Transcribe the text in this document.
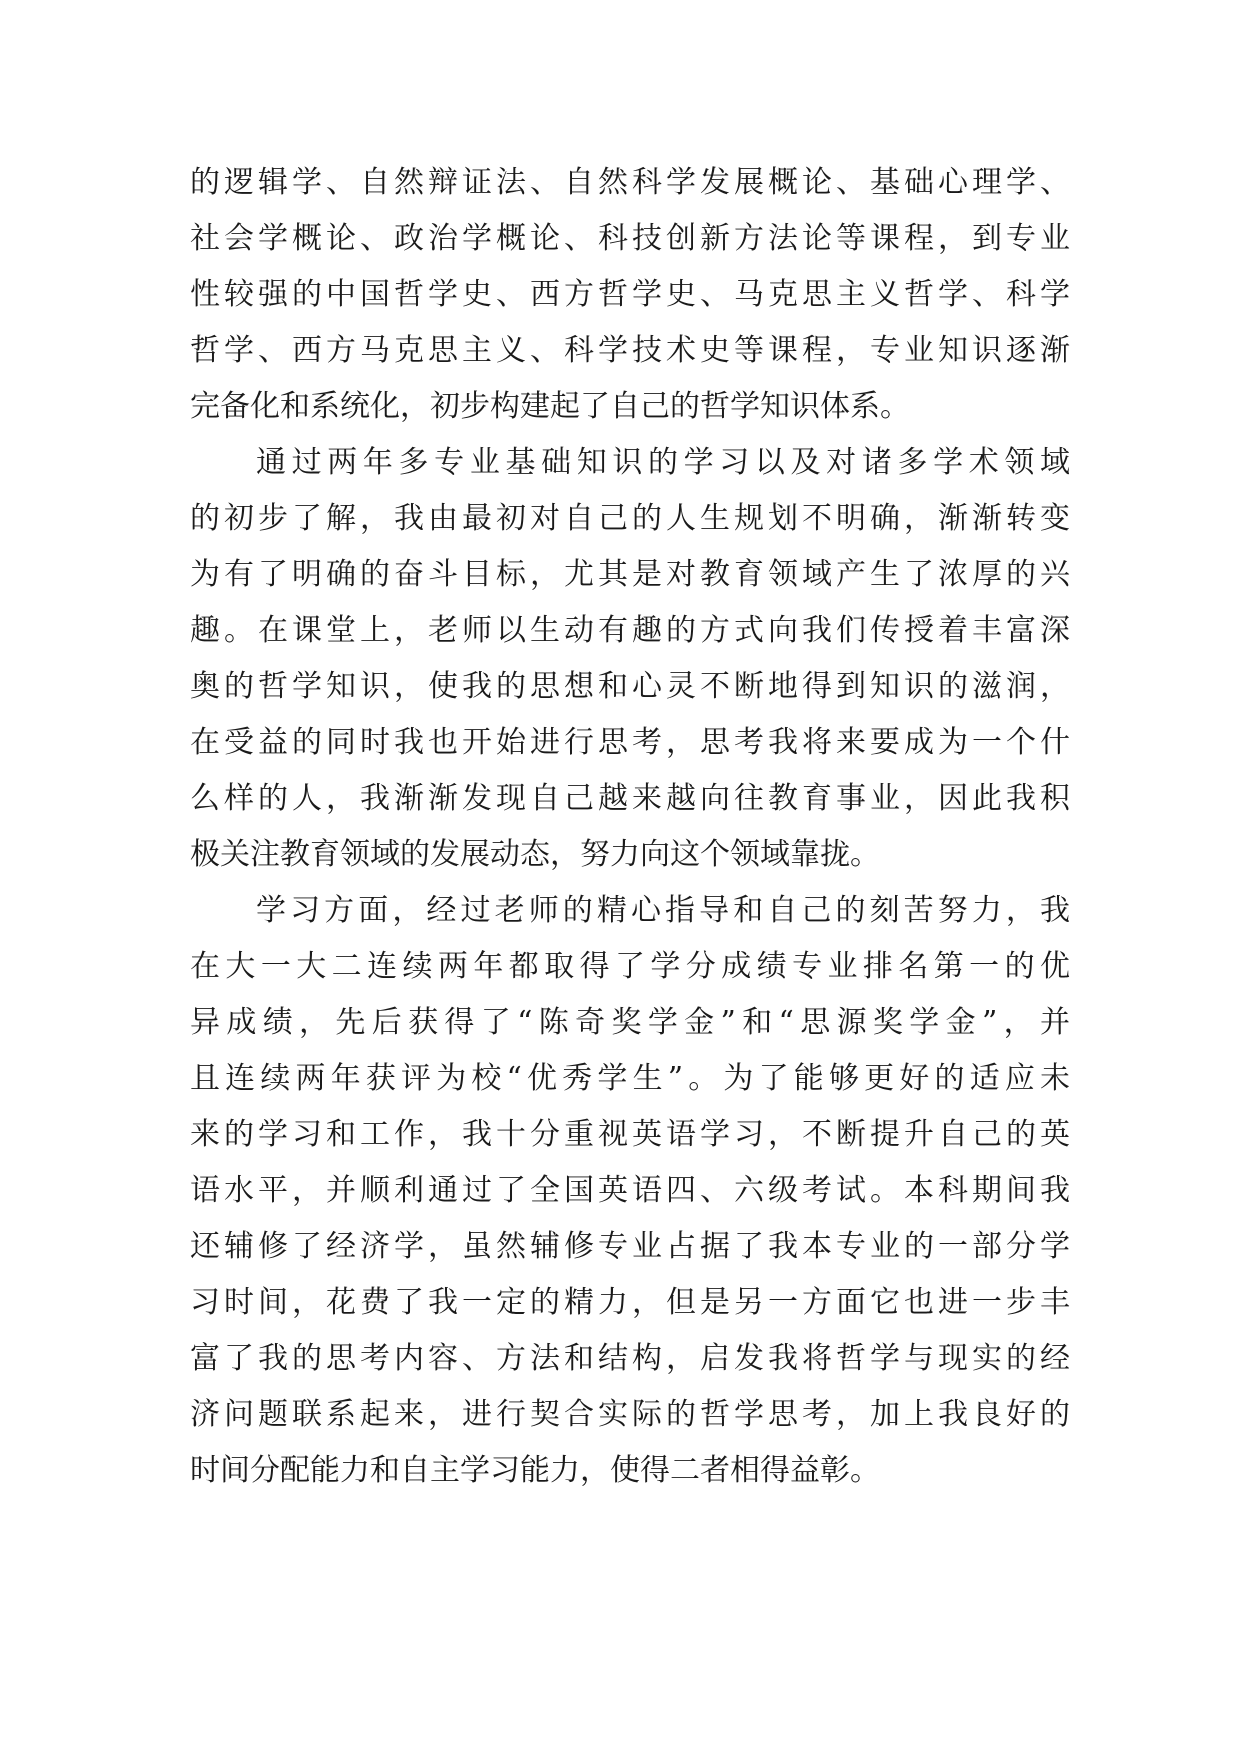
的逻辑学、自然辩证法、自然科学发展概论、基础心理学、
社会学概论、政治学概论、科技创新方法论等课程，到专业
性较强的中国哲学史、西方哲学史、马克思主义哲学、科学
哲学、西方马克思主义、科学技术史等课程，专业知识逐渐
完备化和系统化，初步构建起了自己的哲学知识体系。
通过两年多专业基础知识的学习以及对诸多学术领域
的初步了解，我由最初对自己的人生规划不明确，渐渐转变
为有了明确的奋斗目标，尤其是对教育领域产生了浓厚的兴
趣。在课堂上，老师以生动有趣的方式向我们传授着丰富深
奥的哲学知识，使我的思想和心灵不断地得到知识的滋润，
在受益的同时我也开始进行思考，思考我将来要成为一个什
么样的人，我渐渐发现自己越来越向往教育事业，因此我积
极关注教育领域的发展动态，努力向这个领域靠拢。
学习方面，经过老师的精心指导和自己的刻苦努力，我
在大一大二连续两年都取得了学分成绩专业排名第一的优
异成绩，先后获得了“陈奇奖学金”和“思源奖学金”，并
且连续两年获评为校“优秀学生”。为了能够更好的适应未
来的学习和工作，我十分重视英语学习，不断提升自己的英
语水平，并顺利通过了全国英语四、六级考试。本科期间我
还辅修了经济学，虽然辅修专业占据了我本专业的一部分学
习时间，花费了我一定的精力，但是另一方面它也进一步丰
富了我的思考内容、方法和结构，启发我将哲学与现实的经
济问题联系起来，进行契合实际的哲学思考，加上我良好的
时间分配能力和自主学习能力，使得二者相得益彰。
